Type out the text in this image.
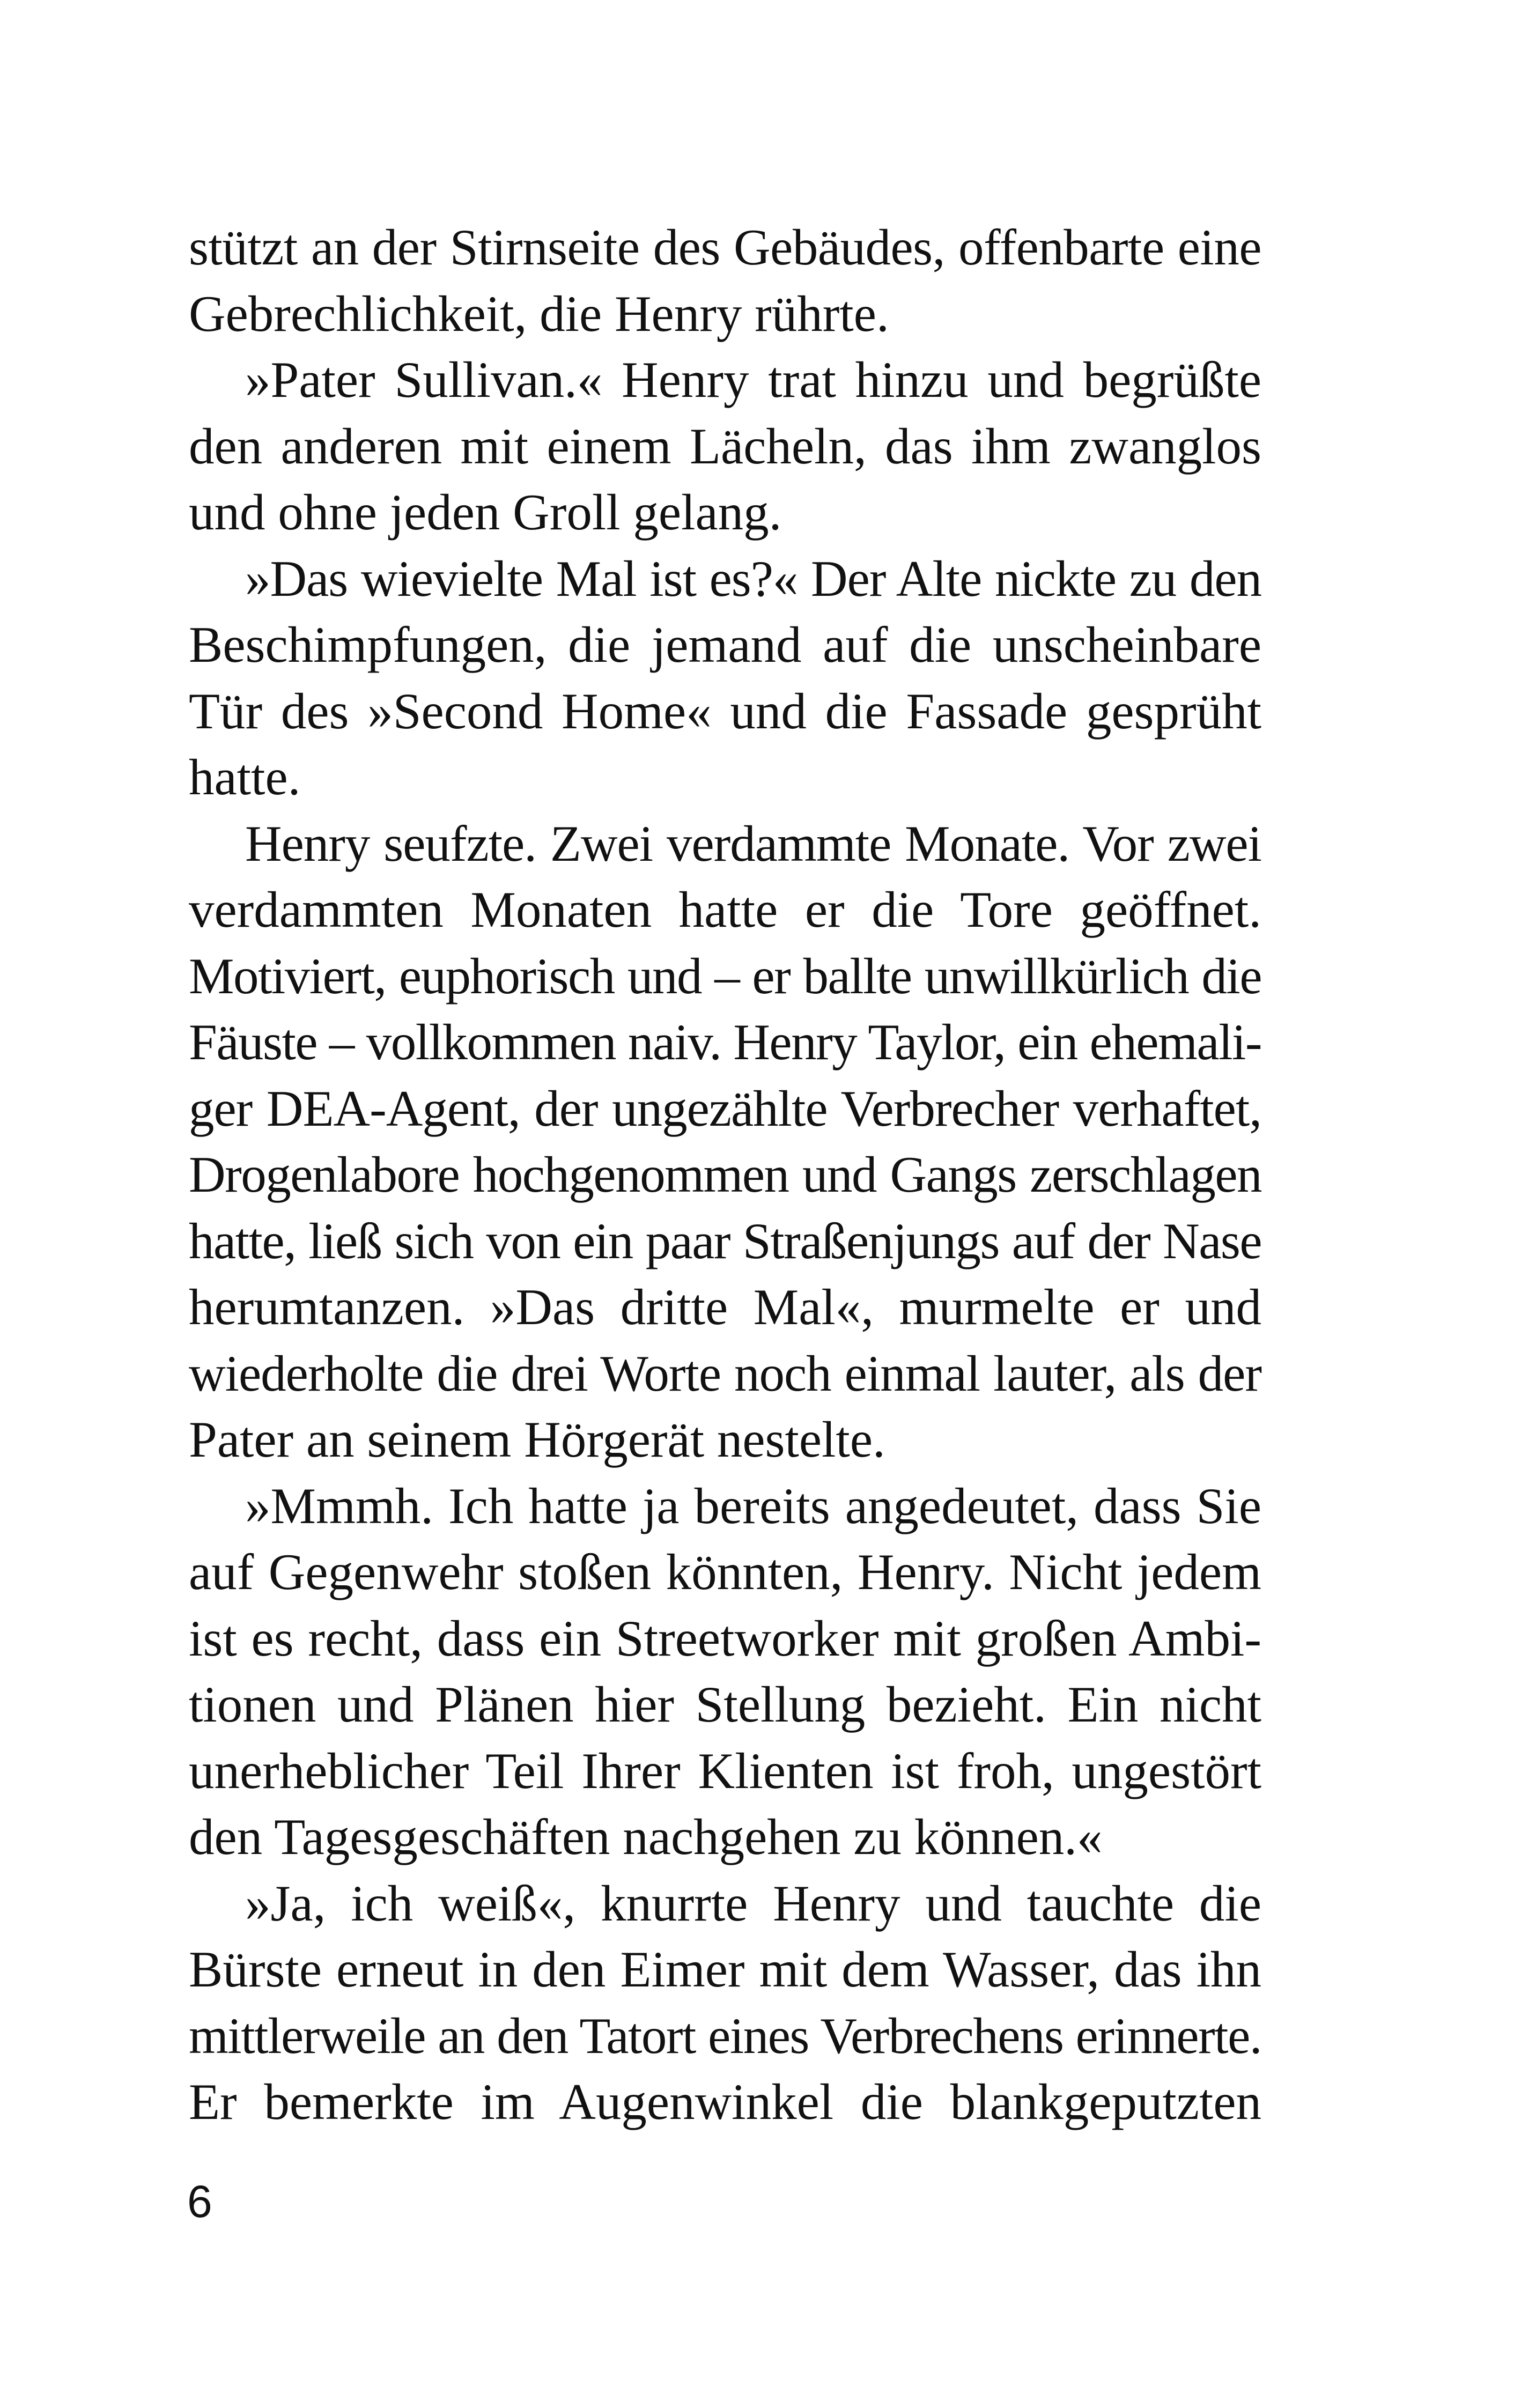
stützt an der Stirnseite des Gebäudes, offenbarte eine
Gebrechlichkeit, die Henry rührte.
»Pater Sullivan.« Henry trat hinzu und begrüßte
den anderen mit einem Lächeln, das ihm zwanglos
und ohne jeden Groll gelang.
»Das wievielte Mal ist es?« Der Alte nickte zu den
Beschimpfungen, die jemand auf die unscheinbare
Tür des »Second Home« und die Fassade gesprüht
hatte.
Henry seufzte. Zwei verdammte Monate. Vor zwei
verdammten Monaten hatte er die Tore geöffnet.
Motiviert, euphorisch und – er ballte unwillkürlich die
Fäuste – vollkommen naiv. Henry Taylor, ein ehemali-
ger DEA-Agent, der ungezählte Verbrecher verhaftet,
Drogenlabore hochgenommen und Gangs zerschlagen
hatte, ließ sich von ein paar Straßenjungs auf der Nase
herumtanzen. »Das dritte Mal«, murmelte er und
wiederholte die drei Worte noch einmal lauter, als der
Pater an seinem Hörgerät nestelte.
»Mmmh. Ich hatte ja bereits angedeutet, dass Sie
auf Gegenwehr stoßen könnten, Henry. Nicht jedem
ist es recht, dass ein Streetworker mit großen Ambi-
tionen und Plänen hier Stellung bezieht. Ein nicht
unerheblicher Teil Ihrer Klienten ist froh, ungestört
den Tagesgeschäften nachgehen zu können.«
»Ja, ich weiß«, knurrte Henry und tauchte die
Bürste erneut in den Eimer mit dem Wasser, das ihn
mittlerweile an den Tatort eines Verbrechens erinnerte.
Er bemerkte im Augenwinkel die blankgeputzten
6
